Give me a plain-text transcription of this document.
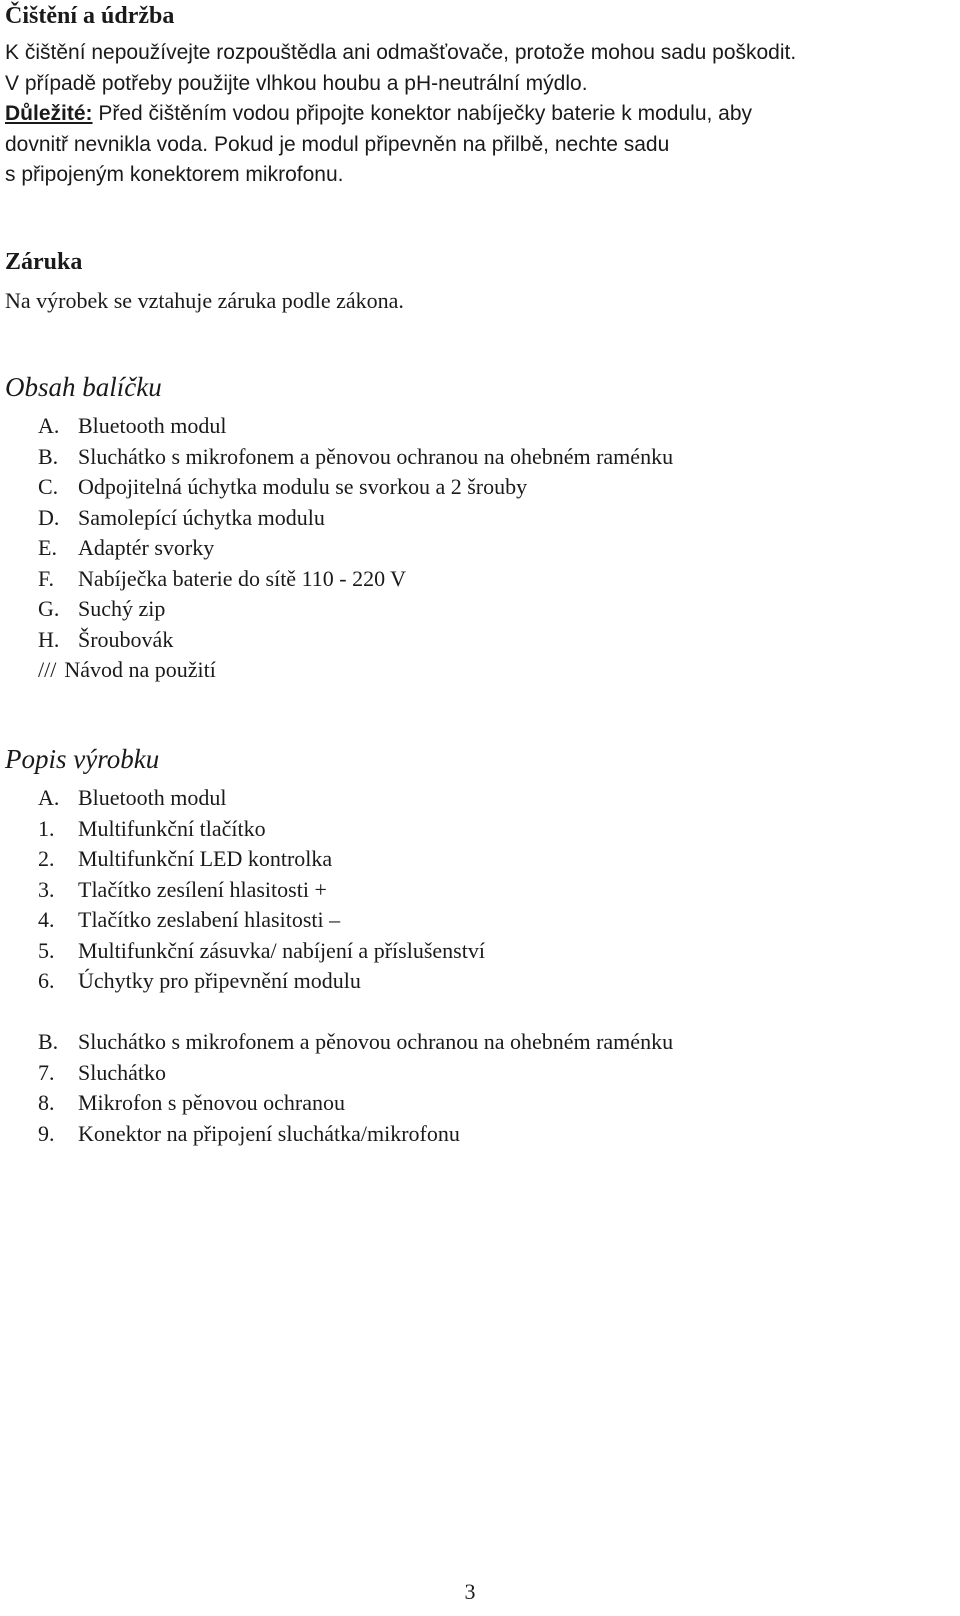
Čištění a údržba
K čištění nepoužívejte rozpouštědla ani odmašťovače, protože mohou sadu poškodit.
V případě potřeby použijte vlhkou houbu a pH-neutrální mýdlo.
Důležité: Před čištěním vodou připojte konektor nabíječky baterie k modulu, aby
dovnitř nevnikla voda. Pokud je modul připevněn na přilbě, nechte sadu
s připojeným konektorem mikrofonu.
Záruka
Na výrobek se vztahuje záruka podle zákona.
Obsah balíčku
A. Bluetooth modul
B. Sluchátko s mikrofonem a pěnovou ochranou na ohebném raménku
C. Odpojitelná úchytka modulu se svorkou a 2 šrouby
D. Samolepící úchytka modulu
E. Adaptér svorky
F.	Nabíječka baterie do sítě 110 - 220 V
G. Suchý zip
H. Šroubovák
/// Návod na použití
Popis výrobku
A. Bluetooth modul
1.	Multifunkční tlačítko
2.	Multifunkční LED kontrolka
3.	Tlačítko zesílení hlasitosti +
4.	Tlačítko zeslabení hlasitosti –
5.	Multifunkční zásuvka/ nabíjení a příslušenství
6.	Úchytky pro připevnění modulu
B. Sluchátko s mikrofonem a pěnovou ochranou na ohebném raménku
7.	Sluchátko
8.	Mikrofon s pěnovou ochranou
9.	Konektor na připojení sluchátka/mikrofonu
3
